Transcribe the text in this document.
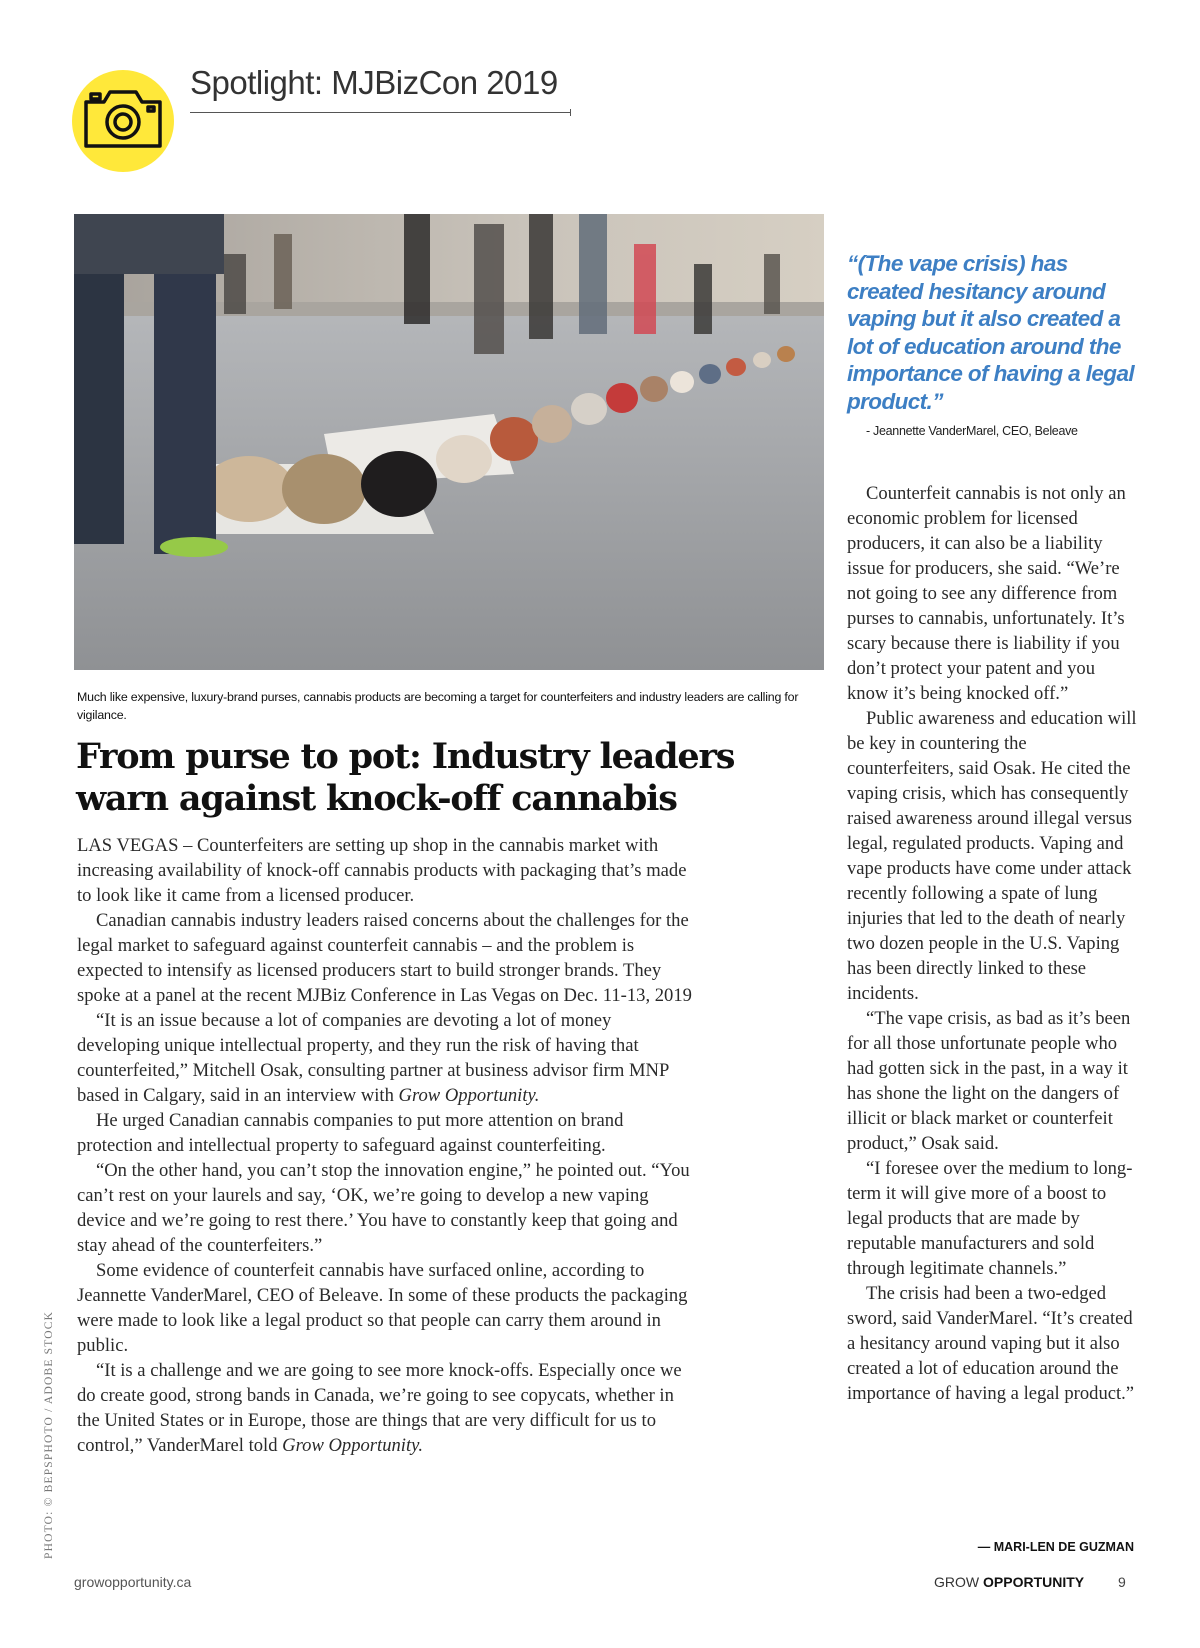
Spotlight: MJBizCon 2019
Much like expensive, luxury-brand purses, cannabis products are becoming a target for counterfeiters and industry leaders are calling for vigilance.
From purse to pot: Industry leaders warn against knock-off cannabis

LAS VEGAS – Counterfeiters are setting up shop in the cannabis market with increasing availability of knock-off cannabis products with packaging that’s made to look like it came from a licensed producer.

Canadian cannabis industry leaders raised concerns about the challenges for the legal market to safeguard against counterfeit cannabis – and the problem is expected to intensify as licensed producers start to build stronger brands. They spoke at a panel at the recent MJBiz Conference in Las Vegas on Dec. 11-13, 2019

“It is an issue because a lot of companies are devoting a lot of money developing unique intellectual property, and they run the risk of having that counterfeited,” Mitchell Osak, consulting partner at business advisor firm MNP based in Calgary, said in an interview with Grow Opportunity.

He urged Canadian cannabis companies to put more attention on brand protection and intellectual property to safeguard against counterfeiting.

“On the other hand, you can’t stop the innovation engine,” he pointed out. “You can’t rest on your laurels and say, ‘OK, we’re going to develop a new vaping device and we’re going to rest there.’ You have to constantly keep that going and stay ahead of the counterfeiters.”

Some evidence of counterfeit cannabis have surfaced online, according to Jeannette VanderMarel, CEO of Beleave. In some of these products the packaging were made to look like a legal product so that people can carry them around in public.

“It is a challenge and we are going to see more knock-offs. Especially once we do create good, strong bands in Canada, we’re going to see copycats, whether in the United States or in Europe, those are things that are very difficult for us to control,” VanderMarel told Grow Opportunity.

“(The vape crisis) has created hesitancy around vaping but it also created a lot of education around the importance of having a legal product.”
- Jeannette VanderMarel, CEO, Beleave

Counterfeit cannabis is not only an economic problem for licensed producers, it can also be a liability issue for producers, she said. “We’re not going to see any difference from purses to cannabis, unfortunately. It’s scary because there is liability if you don’t protect your patent and you know it’s being knocked off.”

Public awareness and education will be key in countering the counterfeiters, said Osak. He cited the vaping crisis, which has consequently raised awareness around illegal versus legal, regulated products. Vaping and vape products have come under attack recently following a spate of lung injuries that led to the death of nearly two dozen people in the U.S. Vaping has been directly linked to these incidents.

“The vape crisis, as bad as it’s been for all those unfortunate people who had gotten sick in the past, in a way it has shone the light on the dangers of illicit or black market or counterfeit product,” Osak said.

“I foresee over the medium to long-term it will give more of a boost to legal products that are made by reputable manufacturers and sold through legitimate channels.”

The crisis had been a two-edged sword, said VanderMarel. “It’s created a hesitancy around vaping but it also created a lot of education around the importance of having a legal product.”

— MARI-LEN DE GUZMAN
PHOTO: © BEPSPHOTO / ADOBE STOCK
growopportunity.ca	GROW OPPORTUNITY 9
